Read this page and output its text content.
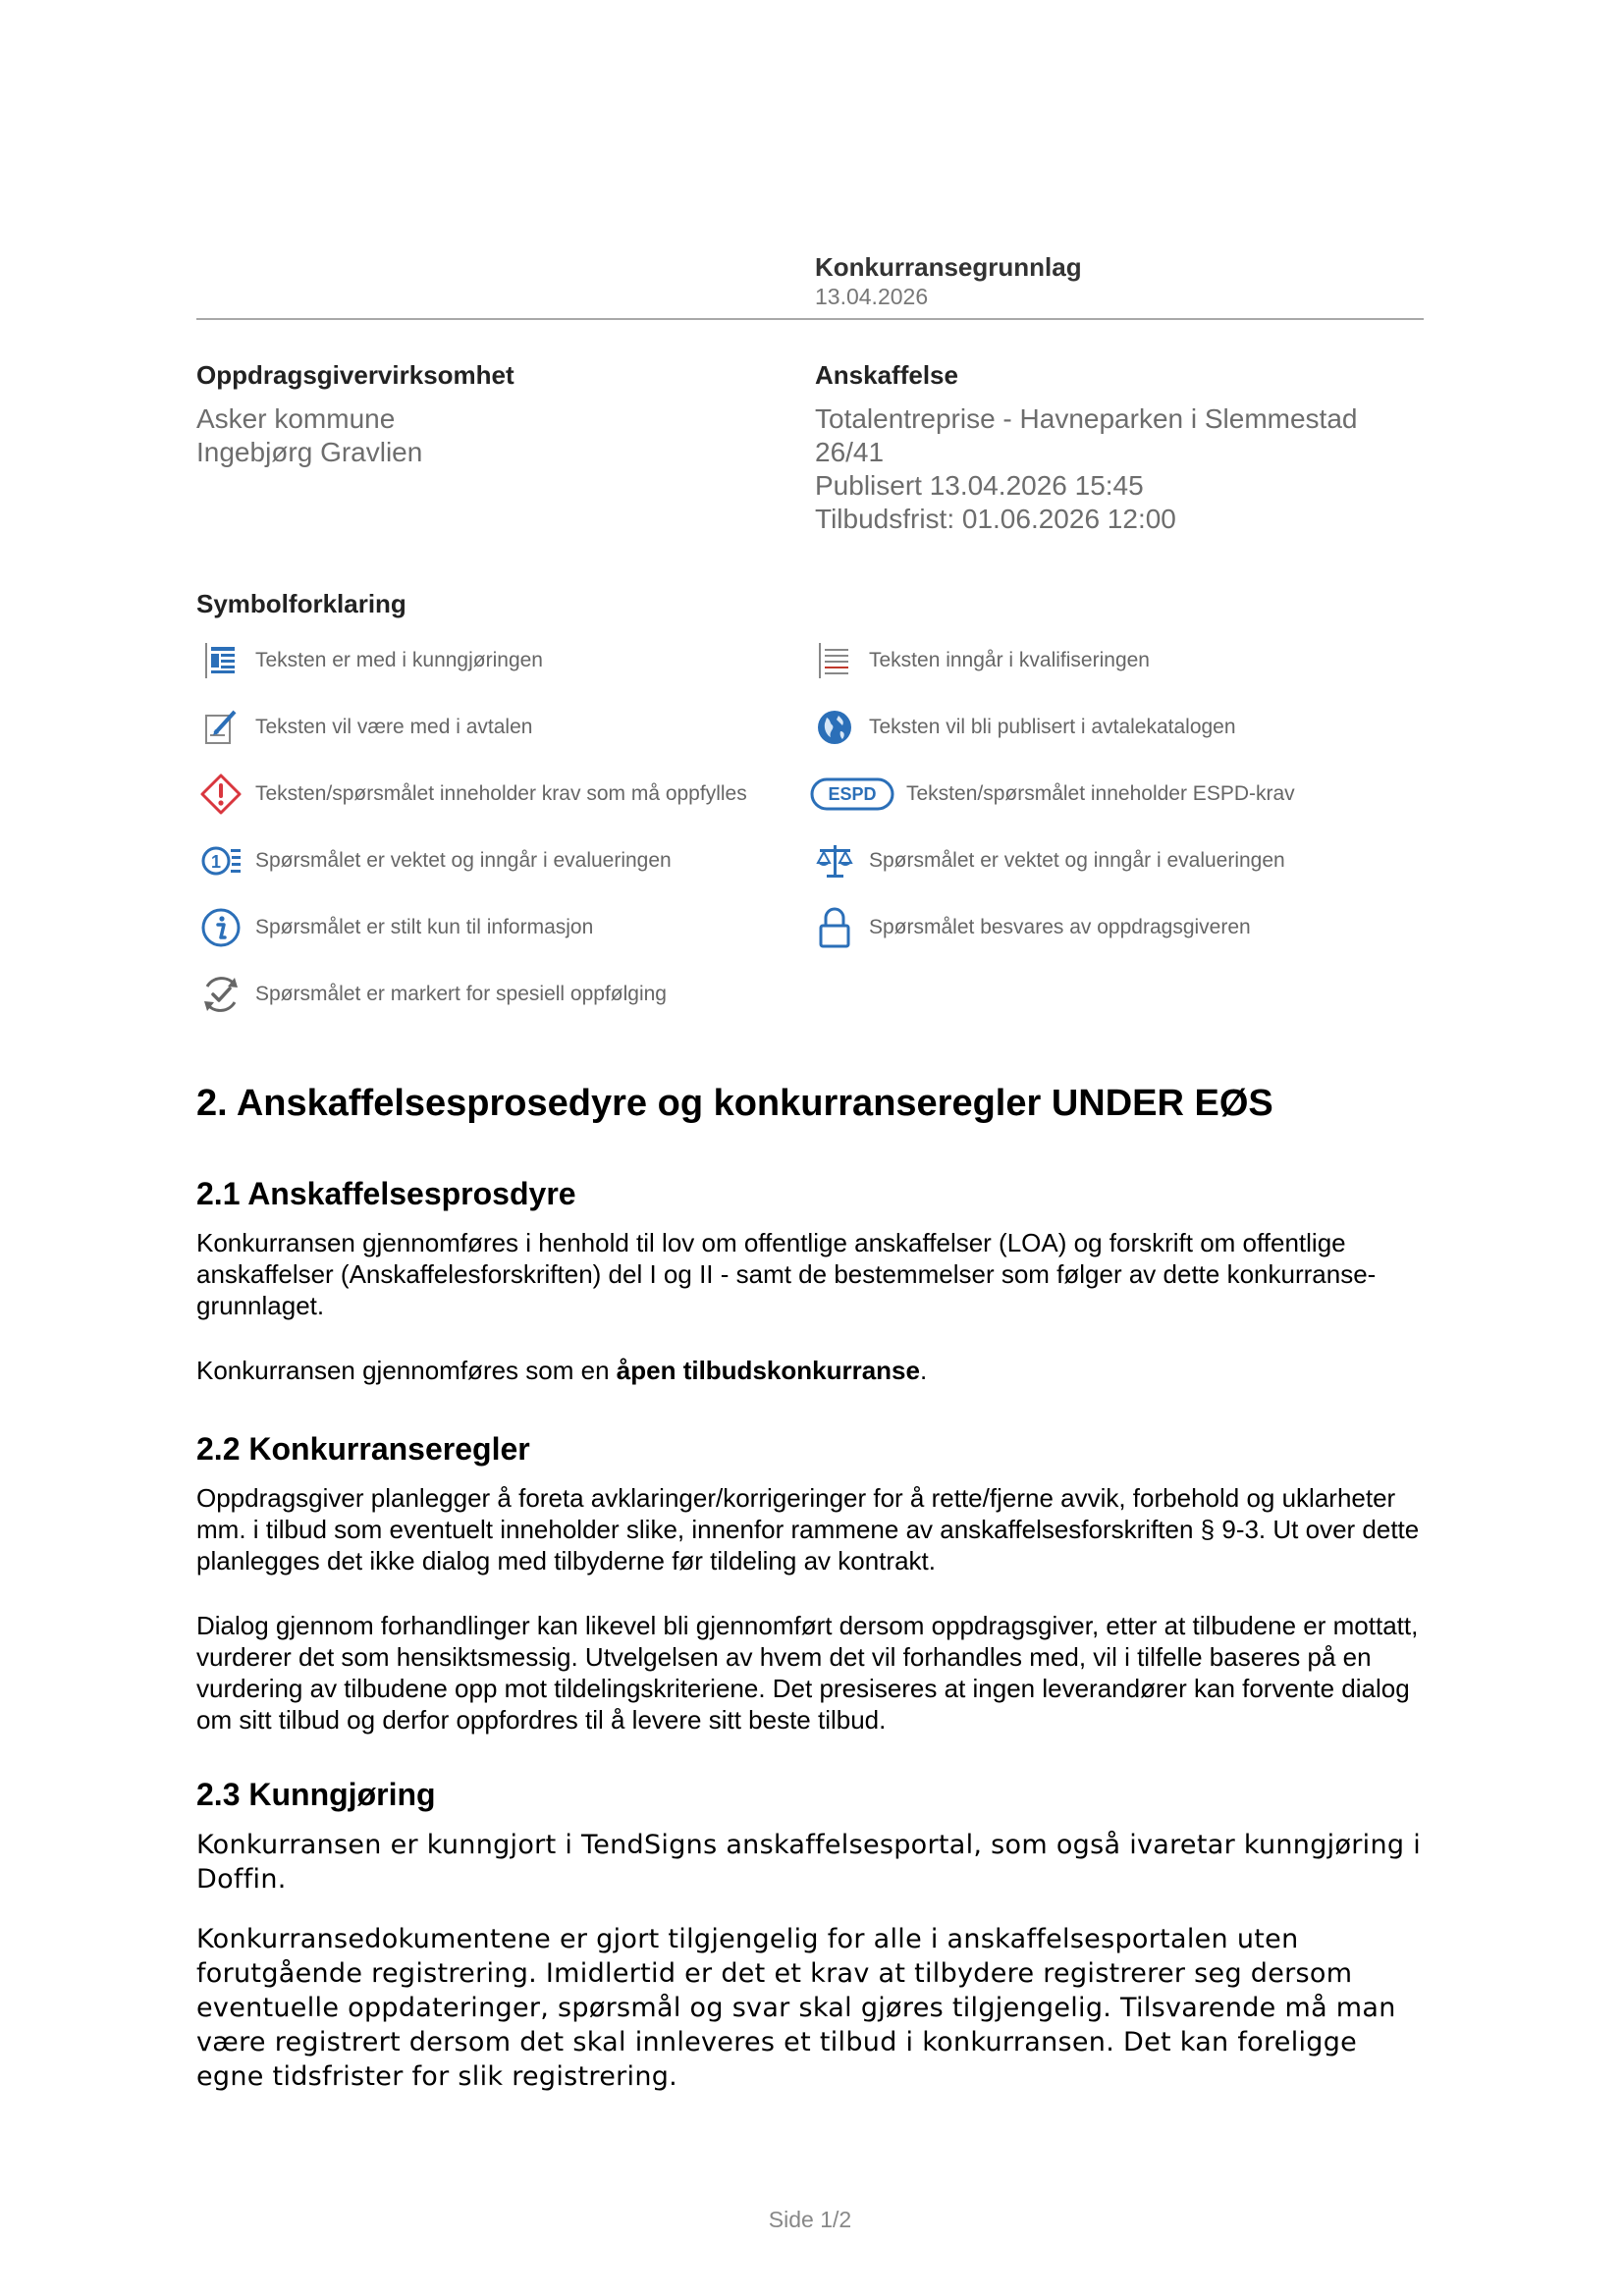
Konkurransegrunnlag
13.04.2026
Oppdragsgivervirksomhet
Asker kommune
Ingebjørg Gravlien
Anskaffelse
Totalentreprise - Havneparken i Slemmestad
26/41
Publisert 13.04.2026 15:45
Tilbudsfrist: 01.06.2026 12:00
Symbolforklaring
Teksten er med i kunngjøringen	Teksten inngår i kvalifiseringen
Teksten vil være med i avtalen	Teksten vil bli publisert i avtalekatalogen
Teksten/spørsmålet inneholder krav som må oppfylles	ESPD Teksten/spørsmålet inneholder ESPD-krav
1 Spørsmålet er vektet og inngår i evalueringen	Spørsmålet er vektet og inngår i evalueringen
Spørsmålet er stilt kun til informasjon	Spørsmålet besvares av oppdragsgiveren
Spørsmålet er markert for spesiell oppfølging
2. Anskaffelsesprosedyre og konkurranseregler UNDER EØS
2.1 Anskaffelsesprosdyre

Konkurransen gjennomføres i henhold til lov om offentlige anskaffelser (LOA) og forskrift om offentlige anskaffelser (Anskaffelesforskriften) del I og II - samt de bestemmelser som følger av dette konkurranse-grunnlaget.

Konkurransen gjennomføres som en åpen tilbudskonkurranse.

2.2 Konkurranseregler

Oppdragsgiver planlegger å foreta avklaringer/korrigeringer for å rette/fjerne avvik, forbehold og uklarheter mm. i tilbud som eventuelt inneholder slike, innenfor rammene av anskaffelsesforskriften § 9-3. Ut over dette planlegges det ikke dialog med tilbyderne før tildeling av kontrakt.

Dialog gjennom forhandlinger kan likevel bli gjennomført dersom oppdragsgiver, etter at tilbudene er mottatt, vurderer det som hensiktsmessig. Utvelgelsen av hvem det vil forhandles med, vil i tilfelle baseres på en vurdering av tilbudene opp mot tildelingskriteriene. Det presiseres at ingen leverandører kan forvente dialog om sitt tilbud og derfor oppfordres til å levere sitt beste tilbud.

2.3 Kunngjøring

Konkurransen er kunngjort i TendSigns anskaffelsesportal, som også ivaretar kunngjøring i Doffin.

Konkurransedokumentene er gjort tilgjengelig for alle i anskaffelsesportalen uten forutgående registrering. Imidlertid er det et krav at tilbydere registrerer seg dersom eventuelle oppdateringer, spørsmål og svar skal gjøres tilgjengelig. Tilsvarende må man være registrert dersom det skal innleveres et tilbud i konkurransen. Det kan foreligge egne tidsfrister for slik registrering.

Side 1/2
